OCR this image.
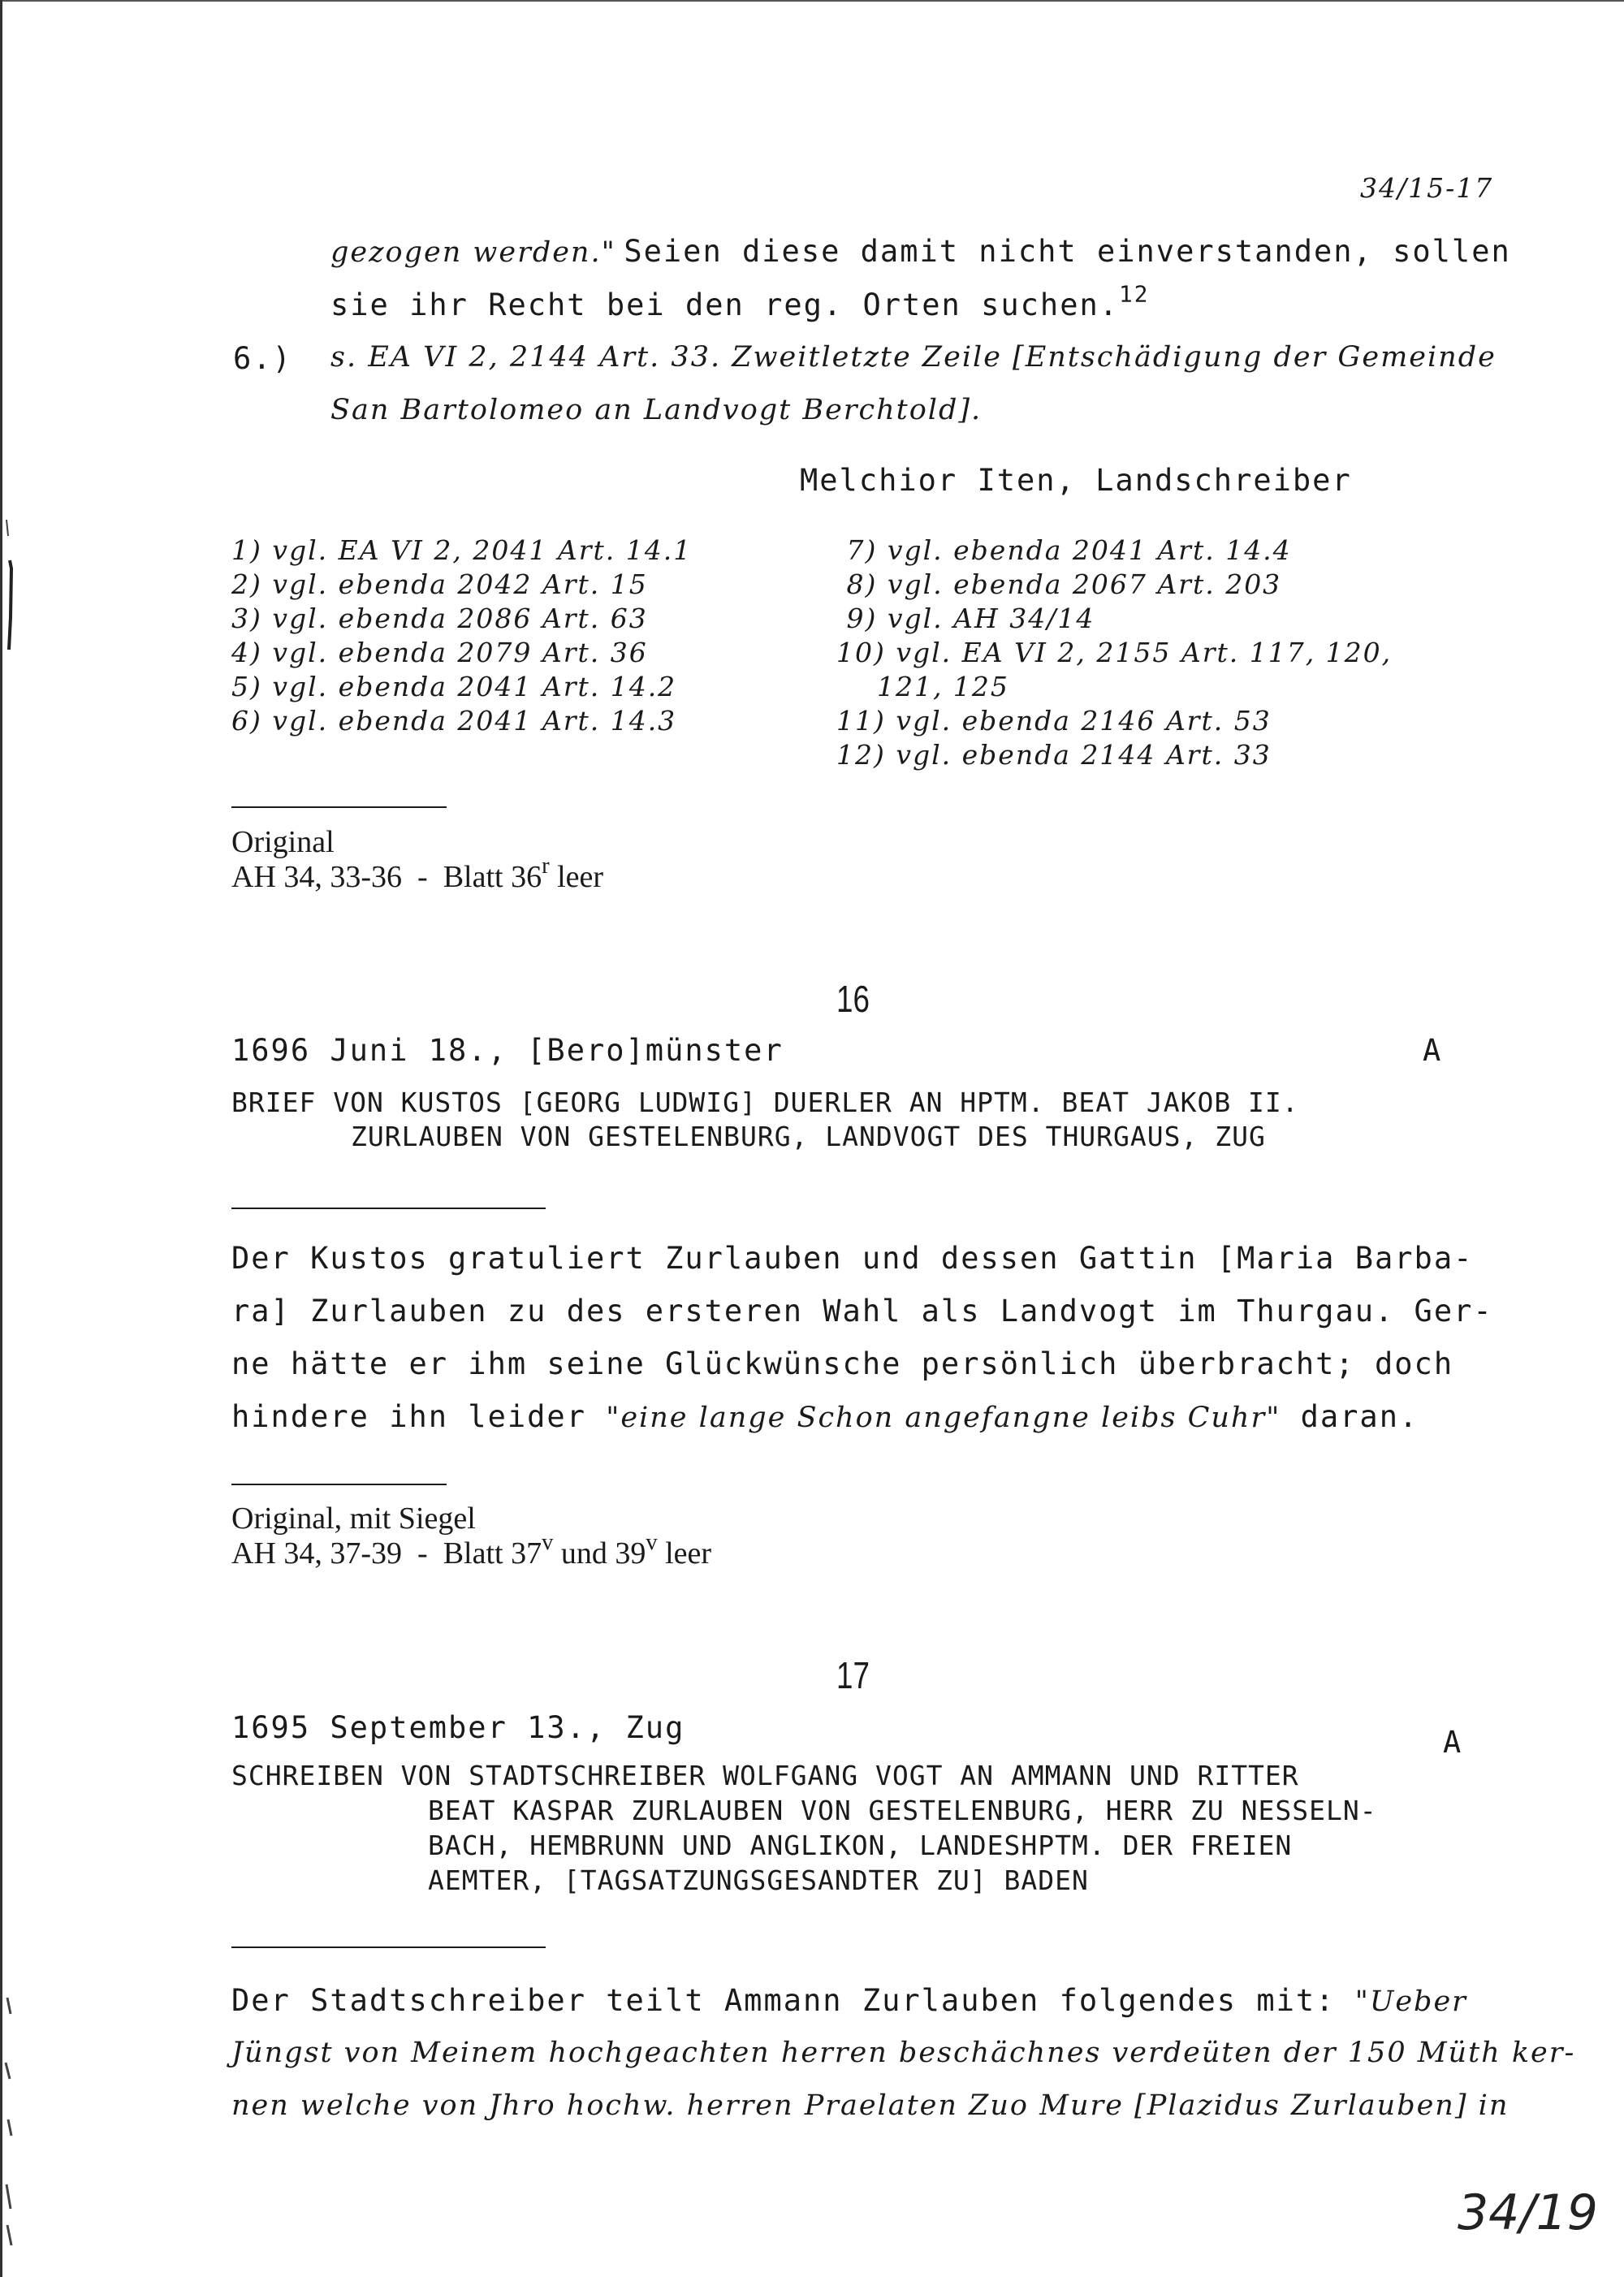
34/15-17
gezogen werden." Seien diese damit nicht einverstanden, sollen
sie ihr Recht bei den reg. Orten suchen.$^{12}$
6.) s. EA VI 2, 2144 Art. 33. Zweitletzte Zeile [Entschädigung der Gemeinde
San Bartolomeo an Landvogt Berchtold].
Melchior Iten, Landschreiber
1) vgl. EA VI 2, 2041 Art. 14.1
2) vgl. ebenda 2042 Art. 15
3) vgl. ebenda 2086 Art. 63
4) vgl. ebenda 2079 Art. 36
5) vgl. ebenda 2041 Art. 14.2
6) vgl. ebenda 2041 Art. 14.3
7) vgl. ebenda 2041 Art. 14.4
8) vgl. ebenda 2067 Art. 203
9) vgl. AH 34/14
10) vgl. EA VI 2, 2155 Art. 117, 120,
121, 125
11) vgl. ebenda 2146 Art. 53
12) vgl. ebenda 2144 Art. 33
Original
AH 34, 33-36  -  Blatt 36$^r$ leer
16
1696 Juni 18., [Bero]münster	A
BRIEF VON KUSTOS [GEORG LUDWIG] DUERLER AN HPTM. BEAT JAKOB II.
ZURLAUBEN VON GESTELENBURG, LANDVOGT DES THURGAUS, ZUG
Der Kustos gratuliert Zurlauben und dessen Gattin [Maria Barba-
ra] Zurlauben zu des ersteren Wahl als Landvogt im Thurgau. Ger-
ne hätte er ihm seine Glückwünsche persönlich überbracht; doch
hindere ihn leider "eine lange Schon angefangne leibs Cuhr" daran.
Original, mit Siegel
AH 34, 37-39  -  Blatt 37$^v$ und 39$^v$ leer
17
1695 September 13., Zug	A
SCHREIBEN VON STADTSCHREIBER WOLFGANG VOGT AN AMMANN UND RITTER
BEAT KASPAR ZURLAUBEN VON GESTELENBURG, HERR ZU NESSELN-
BACH, HEMBRUNN UND ANGLIKON, LANDESHPTM. DER FREIEN
AEMTER, [TAGSATZUNGSGESANDTER ZU] BADEN
Der Stadtschreiber teilt Ammann Zurlauben folgendes mit: "Ueber
Jüngst von Meinem hochgeachten herren beschächnes verdeüten der 150 Müth ker-
nen welche von Jhro hochw. herren Praelaten Zuo Mure [Plazidus Zurlauben] in
34/19
